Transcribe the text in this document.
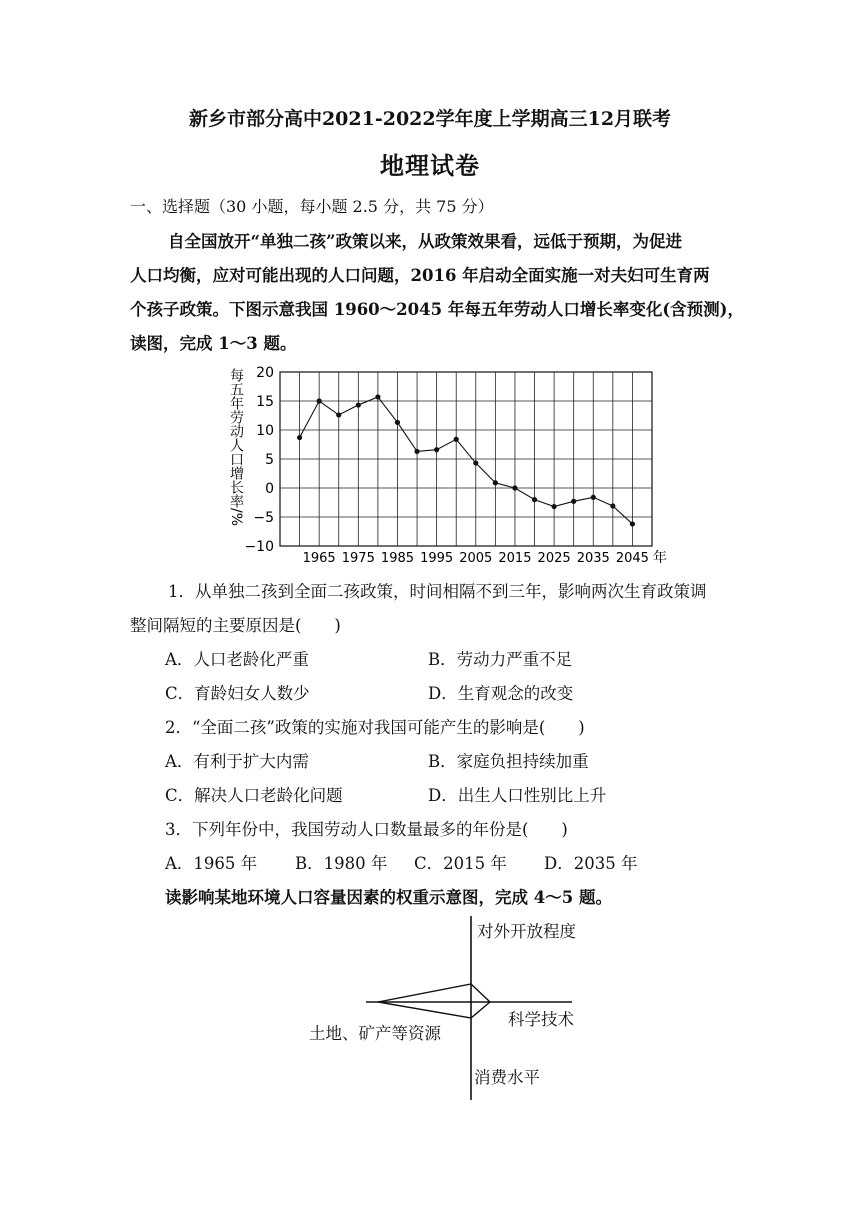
新乡市部分高中2021-2022学年度上学期高三12月联考
地理试卷
一、选择题（30 小题，每小题 2.5 分，共 75 分）
自全国放开“单独二孩”政策以来，从政策效果看，远低于预期，为促进
人口均衡，应对可能出现的人口问题，2016 年启动全面实施一对夫妇可生育两
个孩子政策。下图示意我国 1960～2045 年每五年劳动人口增长率变化(含预测)，
读图，完成 1～3 题。
20
15
10
5
0
−5
−10
1965 1975 1985 1995 2005 2015 2025 2035 2045
每五年劳动人口增长率/%
年
1．从单独二孩到全面二孩政策，时间相隔不到三年，影响两次生育政策调
整间隔短的主要原因是(　　)
A．人口老龄化严重	B．劳动力严重不足
C．育龄妇女人数少	D．生育观念的改变
2．“全面二孩”政策的实施对我国可能产生的影响是(　　)
A．有利于扩大内需	B．家庭负担持续加重
C．解决人口老龄化问题	D．出生人口性别比上升
3．下列年份中，我国劳动人口数量最多的年份是(　　)
A．1965 年 B．1980 年 C．2015 年 D．2035 年
读影响某地环境人口容量因素的权重示意图，完成 4～5 题。
对外开放程度
科学技术
土地、矿产等资源
消费水平
